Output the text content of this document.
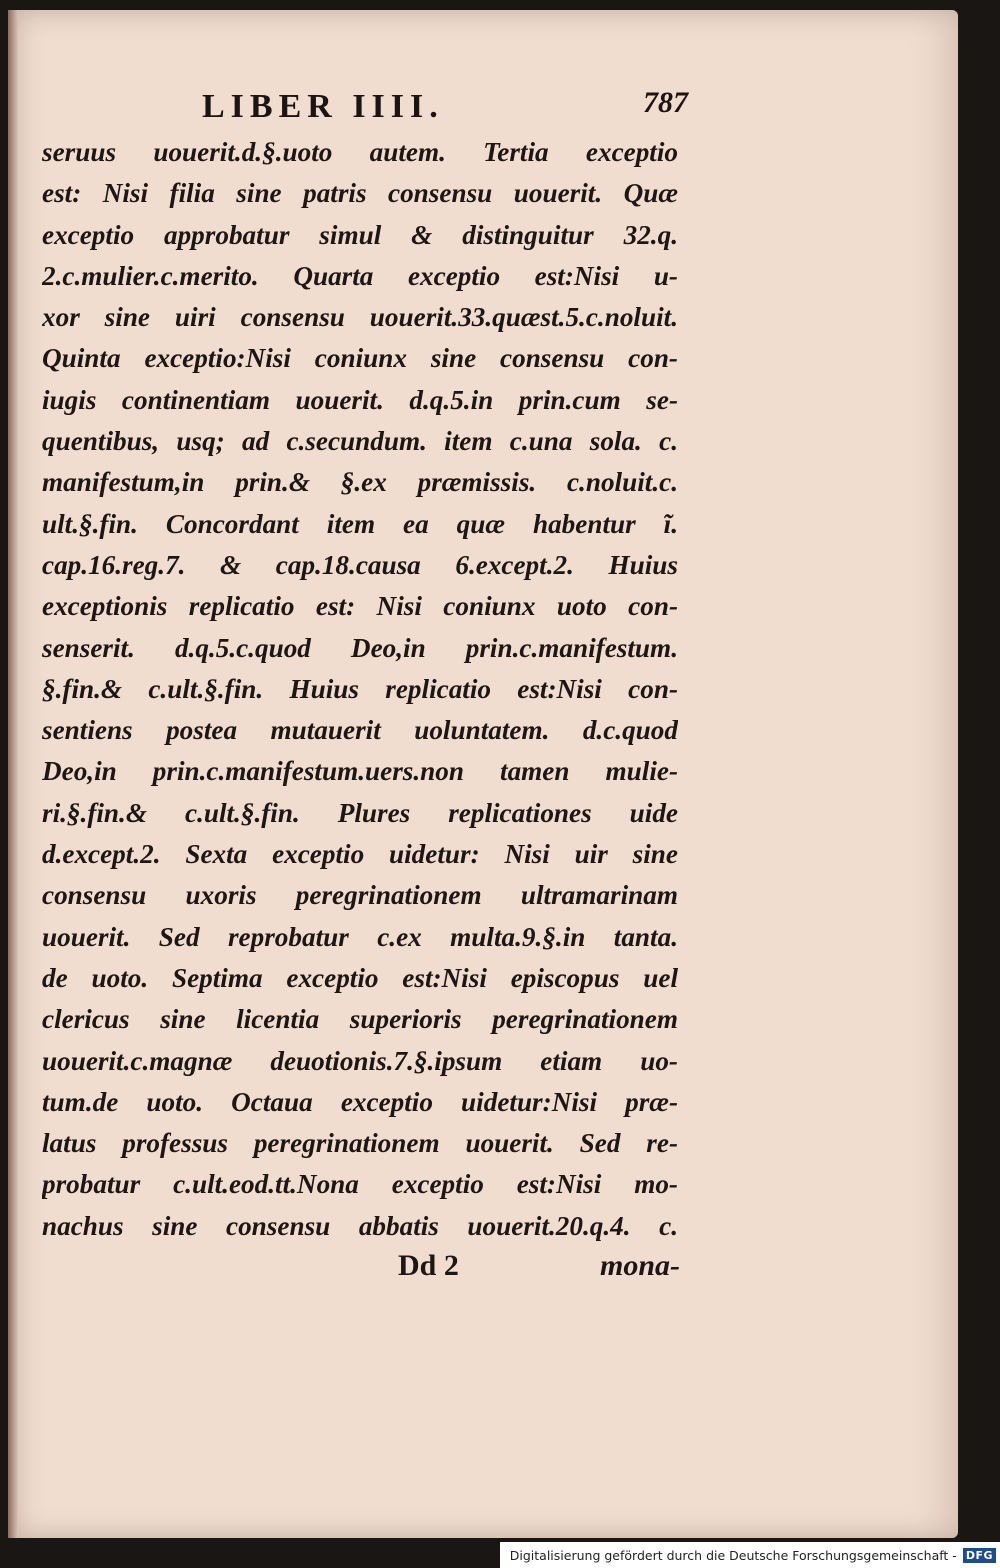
LIBER IIII.	787
seruus uouerit.d.§.uoto autem. Tertia exceptio
est: Nisi filia sine patris consensu uouerit. Quæ
exceptio approbatur simul & distinguitur 32.q.
2.c.mulier.c.merito. Quarta exceptio est:Nisi u-
xor sine uiri consensu uouerit.33.quæst.5.c.noluit.
Quinta exceptio:Nisi coniunx sine consensu con-
iugis continentiam uouerit. d.q.5.in prin.cum se-
quentibus, usq; ad c.secundum. item c.una sola. c.
manifestum,in prin.& §.ex præmissis. c.noluit.c.
ult.§.fin. Concordant item ea quæ habentur ĩ.
cap.16.reg.7. & cap.18.causa 6.except.2. Huius
exceptionis replicatio est: Nisi coniunx uoto con-
senserit. d.q.5.c.quod Deo,in prin.c.manifestum.
§.fin.& c.ult.§.fin. Huius replicatio est:Nisi con-
sentiens postea mutauerit uoluntatem. d.c.quod
Deo,in prin.c.manifestum.uers.non tamen mulie-
ri.§.fin.& c.ult.§.fin. Plures replicationes uide
d.except.2. Sexta exceptio uidetur: Nisi uir sine
consensu uxoris peregrinationem ultramarinam
uouerit. Sed reprobatur c.ex multa.9.§.in tanta.
de uoto. Septima exceptio est:Nisi episcopus uel
clericus sine licentia superioris peregrinationem
uouerit.c.magnæ deuotionis.7.§.ipsum etiam uo-
tum.de uoto. Octaua exceptio uidetur:Nisi præ-
latus professus peregrinationem uouerit. Sed re-
probatur c.ult.eod.tt.Nona exceptio est:Nisi mo-
nachus sine consensu abbatis uouerit.20.q.4. c.
Dd 2	mona-
Digitalisierung gefördert durch die Deutsche Forschungsgemeinschaft - DFG
